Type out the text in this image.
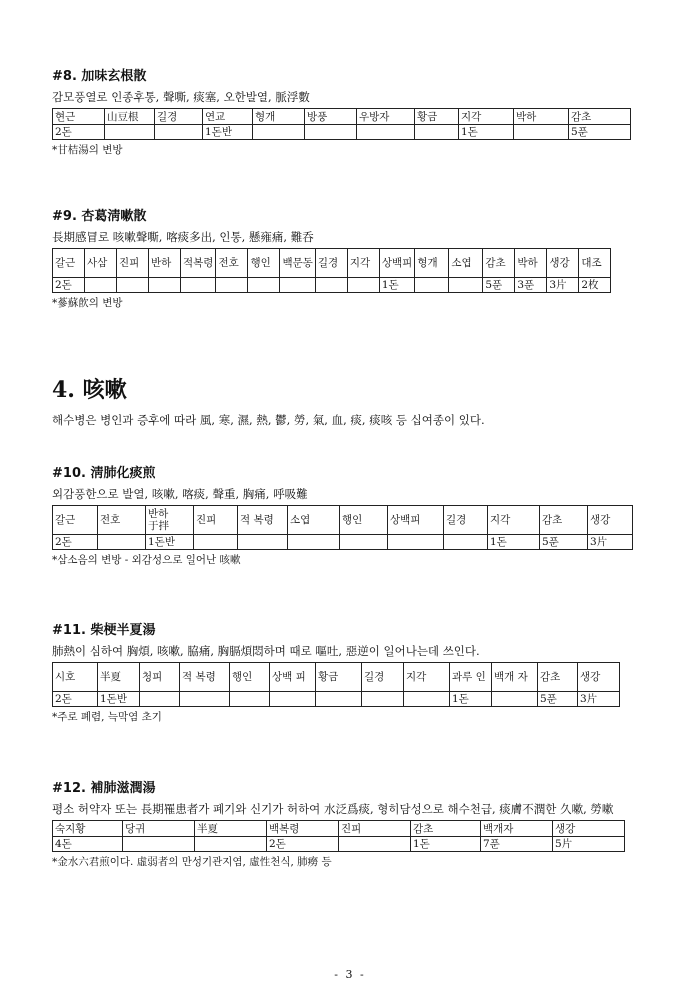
#8. 加味玄根散

감모풍열로 인종후통, 聲嘶, 痰塞, 오한발열, 脈浮數

현근	山豆根	길경	연교	형개	방풍	우방자	황금	지각	박하	감초
2돈			1돈반					1돈		5푼

*甘桔湯의 변방

#9. 杏葛淸嗽散

長期感冒로 咳嗽聲嘶, 喀痰多出, 인통, 懸雍痛, 難呑

갈근	사삼	진피	반하	적복령	전호	행인	백문동	길경	지각	상백피	형개	소엽	감초	박하	생강	대조
2돈										1돈			5푼	3푼	3片	2枚

*蔘蘇飮의 변방

4. 咳嗽
해수병은 병인과 증후에 따라 風, 寒, 濕, 熱, 鬱, 勞, 氣, 血, 痰, 痰咳 등 십여종이 있다.

#10. 淸肺化痰煎

외감풍한으로 발열, 咳嗽, 喀痰, 聲重, 胸痛, 呼吸難

갈근	전호	반하 于拌	진피	적 복령	소엽	행인	상백피	길경	지각	감초	생강
2돈		1돈반							1돈	5푼	3片

*삼소음의 변방 - 외감성으로 일어난 咳嗽

#11. 柴梗半夏湯

肺熱이 심하여 胸煩, 咳嗽, 脇痛, 胸膈煩悶하며 때로 嘔吐, 惡逆이 일어나는데 쓰인다.

시호	半夏	청피	적 복령	행인	상백 피	황금	길경	지각	과루 인	백개 자	감초	생강
2돈	1돈반								1돈		5푼	3片

*주로 폐렴, 늑막염 초기

#12. 補肺滋潤湯

평소 허약자 또는 長期罹患者가 폐기와 신기가 허하여 水泛爲痰, 형히담성으로 해수천급, 痰膚不潤한 久嗽, 勞嗽

숙지황	당귀	半夏	백복령	진피	감초	백개자	생강
4돈			2돈		1돈	7푼	5片

*金水六君煎이다. 虛弱者의 만성기관지염, 虛性천식, 肺癆 등

- 3 -
